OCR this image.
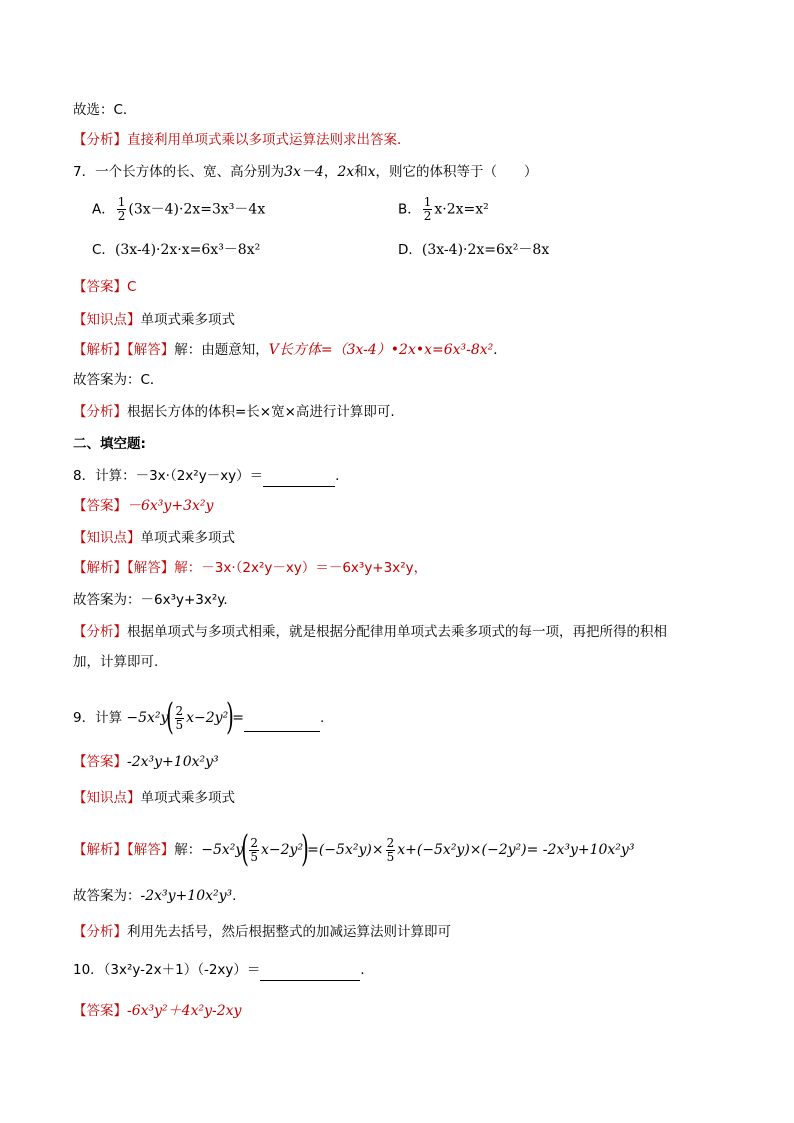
故选：C．
【分析】直接利用单项式乘以多项式运算法则求出答案．
7．一个长方体的长、宽、高分别为3x－4，2x和x，则它的体积等于（　　）
A． $\frac{1}{2} (3x-4)\cdot 2x=3x^3-4x$	B． $\frac{1}{2} x\cdot 2x=x^2$
C．(3x-4)·2x·x=6x³－8x²	D．(3x-4)·2x=6x²－8x
【答案】C
【知识点】单项式乘多项式
【解析】【解答】解：由题意知，V长方体=（3x-4）•2x•x=6x³-8x²．
故答案为：C．
【分析】根据长方体的体积=长×宽×高进行计算即可.
二、填空题:
8．计算：－3x·（2x²y－xy）＝	.
【答案】－6x³y+3x²y
【知识点】单项式乘多项式
【解析】【解答】解：－3x·（2x²y－xy）＝－6x³y+3x²y，
故答案为：－6x³y+3x²y.
【分析】根据单项式与多项式相乘，就是根据分配律用单项式去乘多项式的每一项，再把所得的积相
加，计算即可.
9．计算 $-5x^2y( \frac{2}{5} x-2y^2)=$	.
【答案】-2x³y+10x²y³
【知识点】单项式乘多项式
【解析】【解答】解：$-5x^2y( \frac{2}{5} x-2y^2)=(-5x^2y)\times \frac{2}{5} x+(-5x^2y)\times(-2y^2)= -2x^3y+10x^2y^3$
故答案为：-2x³y+10x²y³.
【分析】利用先去括号，然后根据整式的加减运算法则计算即可
10．（3x²y-2x＋1）（-2xy）＝	．
【答案】-6x³y²＋4x²y-2xy
